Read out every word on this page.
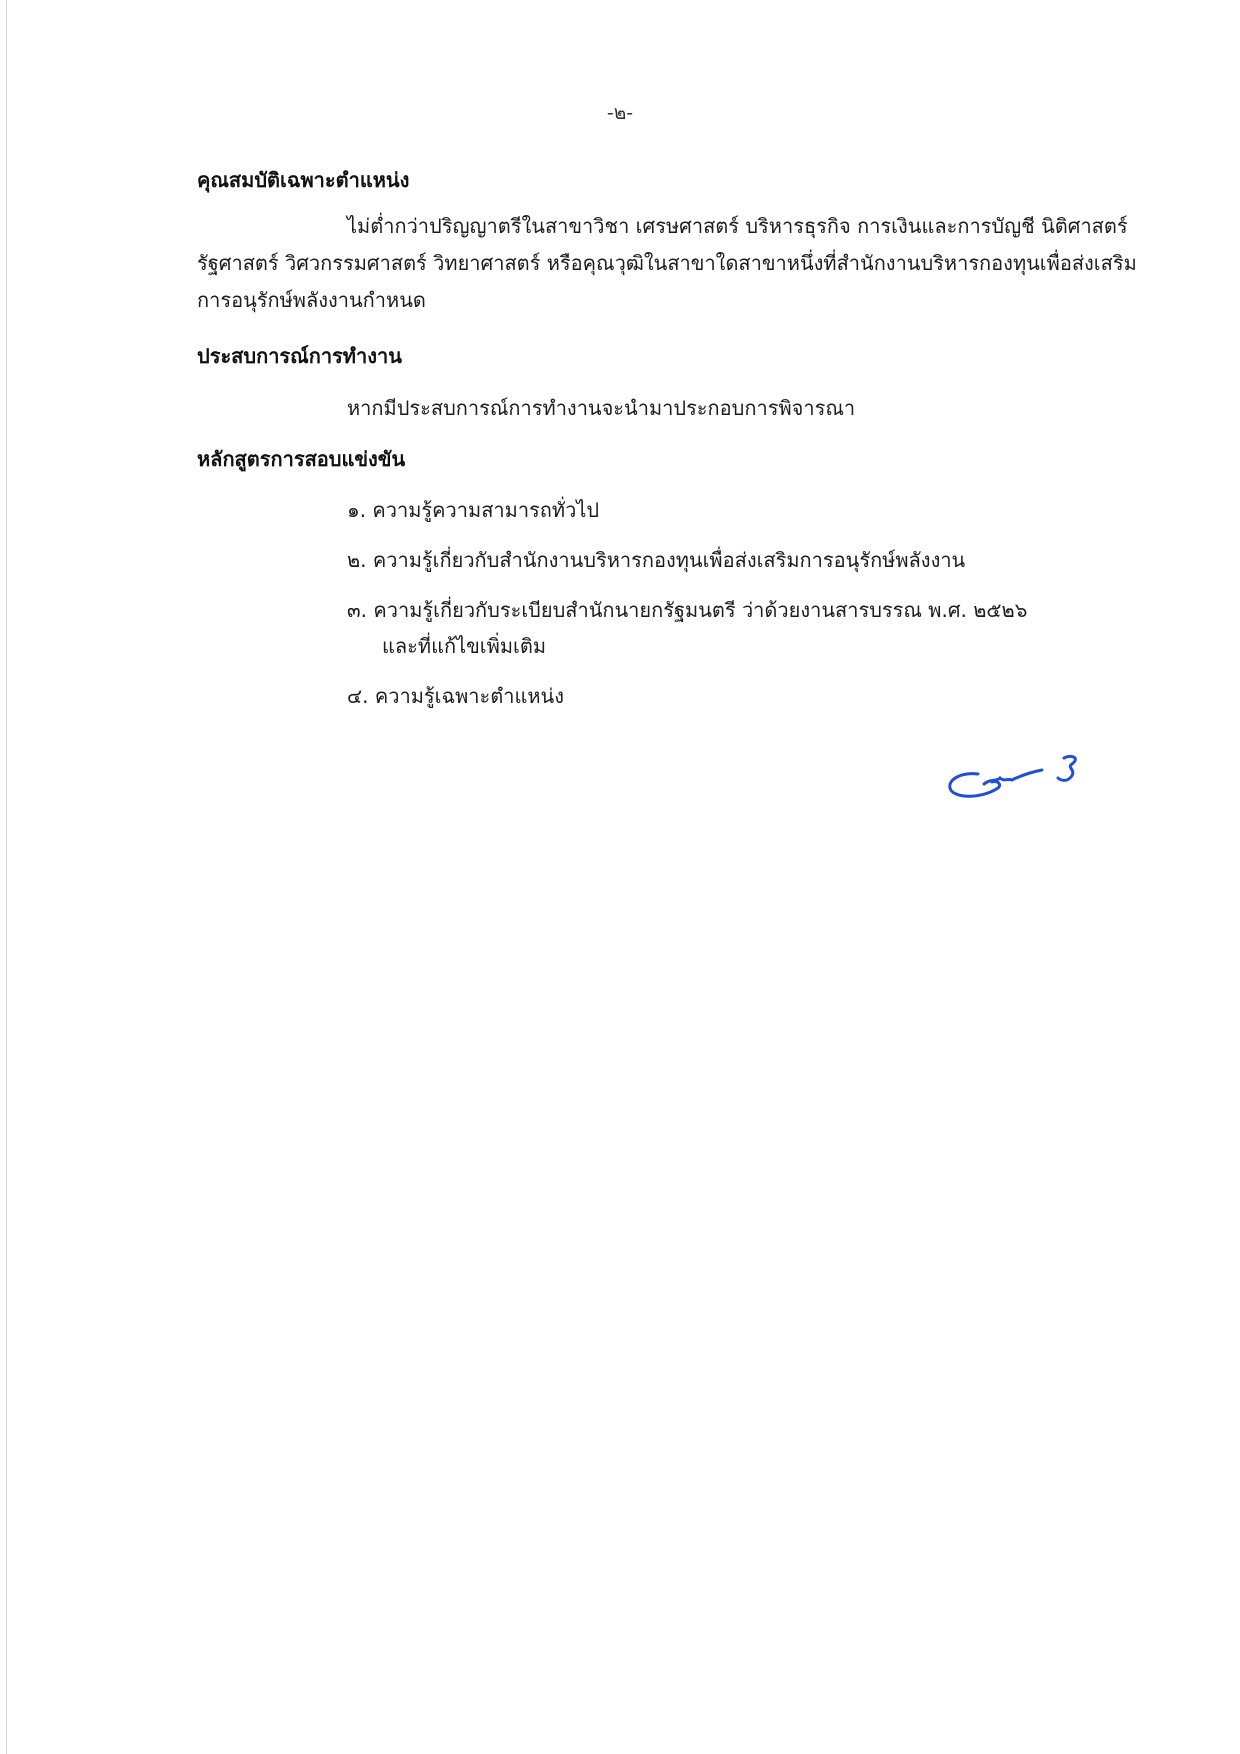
-๒-
คุณสมบัติเฉพาะตำแหน่ง
ไม่ต่ำกว่าปริญญาตรีในสาขาวิชา เศรษศาสตร์ บริหารธุรกิจ การเงินและการบัญชี นิติศาสตร์ รัฐศาสตร์ วิศวกรรมศาสตร์ วิทยาศาสตร์ หรือคุณวุฒิในสาขาใดสาขาหนึ่งที่สำนักงานบริหารกองทุนเพื่อส่งเสริมการอนุรักษ์พลังงานกำหนด
ประสบการณ์การทำงาน
หากมีประสบการณ์การทำงานจะนำมาประกอบการพิจารณา
หลักสูตรการสอบแข่งขัน
๑. ความรู้ความสามารถทั่วไป
๒. ความรู้เกี่ยวกับสำนักงานบริหารกองทุนเพื่อส่งเสริมการอนุรักษ์พลังงาน
๓. ความรู้เกี่ยวกับระเบียบสำนักนายกรัฐมนตรี ว่าด้วยงานสารบรรณ พ.ศ. ๒๕๒๖
และที่แก้ไขเพิ่มเติม
๔. ความรู้เฉพาะตำแหน่ง
